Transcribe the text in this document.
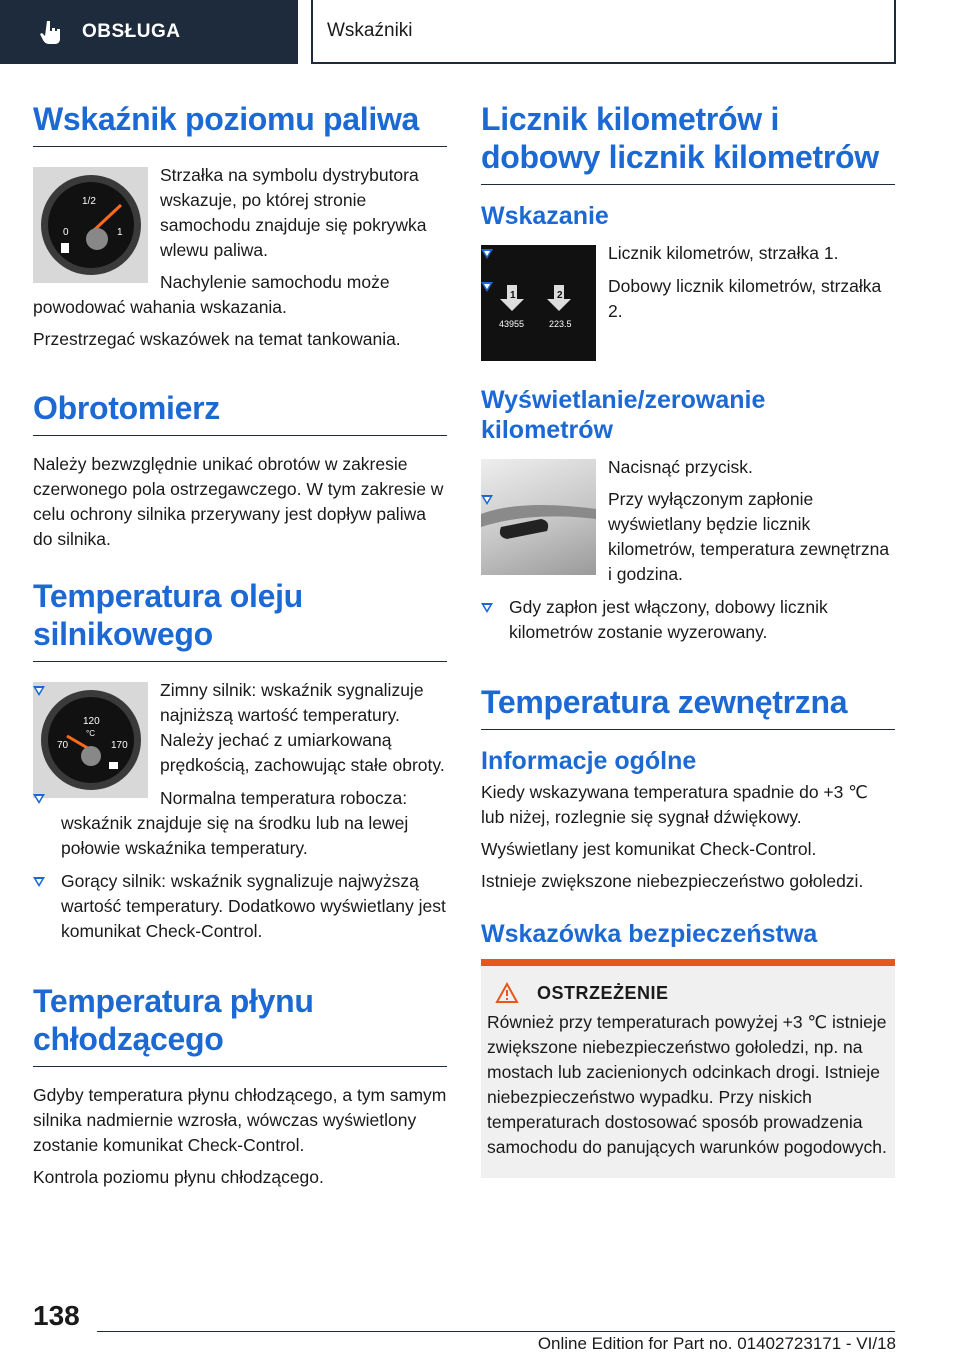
OBSŁUGA	Wskaźniki
Wskaźnik poziomu paliwa
0
1/2
1

Strzałka na symbolu dystrybutora wskazuje, po której stronie samochodu znajduje się pokrywka wlewu paliwa.

Nachylenie samochodu może powodować wahania wskazania.

Przestrzegać wskazówek na temat tankowania.

Obrotomierz

Należy bezwzględnie unikać obrotów w zakresie czerwonego pola ostrzegawczego. W tym zakresie w celu ochrony silnika przerywany jest dopływ paliwa do silnika.

Temperatura oleju silnikowego
120
°C
70	170
Zimny silnik: wskaźnik sygnalizuje najniższą wartość temperatury. Należy jechać z umiarkowaną prędkością, zachowując stałe obroty.
Normalna temperatura robocza: wskaźnik znajduje się na środku lub na lewej połowie wskaźnika temperatury.
Gorący silnik: wskaźnik sygnalizuje najwyższą wartość temperatury. Dodatkowo wyświetlany jest komunikat Check-Control.
Temperatura płynu chłodzącego

Gdyby temperatura płynu chłodzącego, a tym samym silnika nadmiernie wzrosła, wówczas wyświetlony zostanie komunikat Check-Control.

Kontrola poziomu płynu chłodzącego.

Licznik kilometrów i dobowy licznik kilometrów
Wskazanie
1	2
43955	223.5
Licznik kilometrów, strzałka 1.
Dobowy licznik kilometrów, strzałka 2.
Wyświetlanie/zerowanie kilometrów

Nacisnąć przycisk.

Przy wyłączonym zapłonie wyświetlany będzie licznik kilometrów, temperatura zewnętrzna i godzina.
Gdy zapłon jest włączony, dobowy licznik kilometrów zostanie wyzerowany.
Temperatura zewnętrzna
Informacje ogólne

Kiedy wskazywana temperatura spadnie do +3 ℃ lub niżej, rozlegnie się sygnał dźwiękowy.

Wyświetlany jest komunikat Check-Control.

Istnieje zwiększone niebezpieczeństwo gołoledzi.

Wskazówka bezpieczeństwa
OSTRZEŻENIE

Również przy temperaturach powyżej +3 ℃ istnieje zwiększone niebezpieczeństwo gołoledzi, np. na mostach lub zacienionych odcinkach drogi. Istnieje niebezpieczeństwo wypadku. Przy niskich temperaturach dostosować sposób prowadzenia samochodu do panujących warunków pogodowych.

138
Online Edition for Part no. 01402723171 - VI/18
